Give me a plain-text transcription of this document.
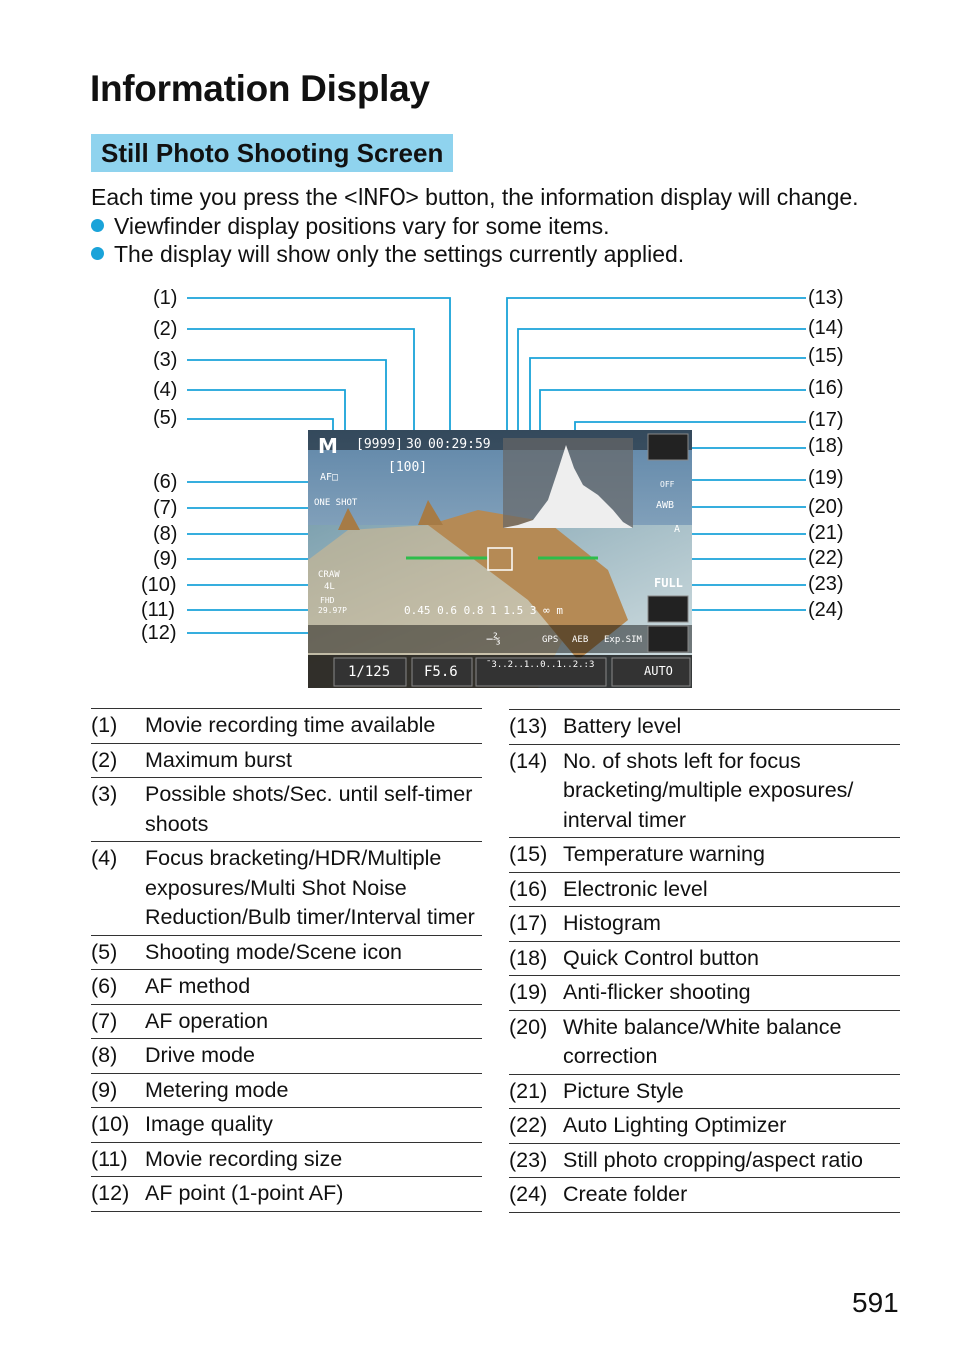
Information Display
Still Photo Shooting Screen
Each time you press the <INFO> button, the information display will change.
Viewfinder display positions vary for some items.
The display will show only the settings currently applied.
(1)
(2)
(3)
(4)
(5)
(6)
(7)
(8)
(9)
(10)
(11)
(12)
(13)
(14)
(15)
(16)
(17)
(18)
(19)
(20)
(21)
(22)
(23)
(24)
M [9999] 30 00:29:59
[100]
AF□
ONE SHOT
CRAW
4L
FHD
29.97P	0.45 0.6 0.8 1 1.5 3 ∞ m
−⅔	GPS AEB Exp.SIM
FULL
OFF
AWB
A
1/125 F5.6	¯3..2..1..0..1..2.:3	AUTO
(1)	Movie recording time available
(2)	Maximum burst
(3)	Possible shots/Sec. until self-timer shoots
(4)	Focus bracketing/HDR/Multiple exposures/Multi Shot Noise Reduction/Bulb timer/Interval timer
(5)	Shooting mode/Scene icon
(6)	AF method
(7)	AF operation
(8)	Drive mode
(9)	Metering mode
(10) Image quality
(11) Movie recording size
(12) AF point (1-point AF)
(13) Battery level
(14) No. of shots left for focus bracketing/multiple exposures/ interval timer
(15) Temperature warning
(16) Electronic level
(17) Histogram
(18) Quick Control button
(19) Anti-flicker shooting
(20) White balance/White balance correction
(21) Picture Style
(22) Auto Lighting Optimizer
(23) Still photo cropping/aspect ratio
(24) Create folder
591
